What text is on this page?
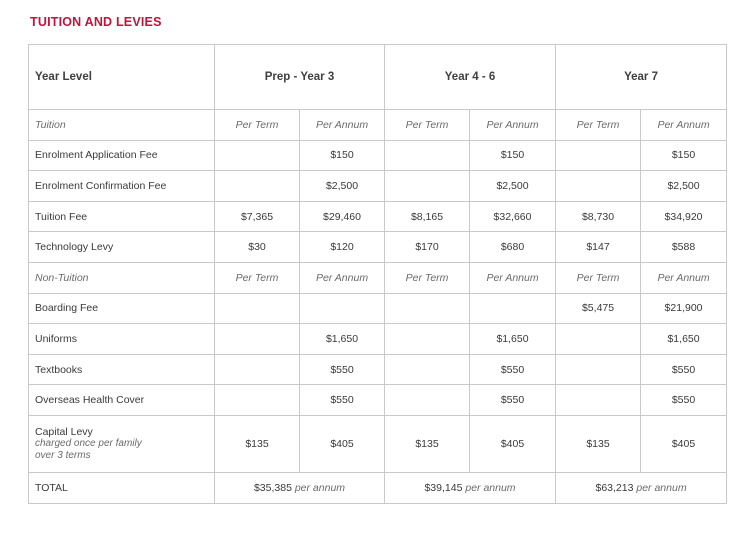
TUITION AND LEVIES
Year Level	Prep - Year 3		Year 4 - 6		Year 7	
Tuition	Per Term	Per Annum	Per Term	Per Annum	Per Term	Per Annum
Enrolment Application Fee		$150		$150		$150
Enrolment Confirmation Fee		$2,500		$2,500		$2,500
Tuition Fee	$7,365	$29,460	$8,165	$32,660	$8,730	$34,920
Technology Levy	$30	$120	$170	$680	$147	$588
Non-Tuition	Per Term	Per Annum	Per Term	Per Annum	Per Term	Per Annum
Boarding Fee					$5,475	$21,900
Uniforms		$1,650		$1,650		$1,650
Textbooks		$550		$550		$550
Overseas Health Cover		$550		$550		$550

Capital Levy
charged once per family
over 3 terms	$135	$405	$135	$405	$135	$405
TOTAL	$35,385 per annum		$39,145 per annum		$63,213 per annum	
